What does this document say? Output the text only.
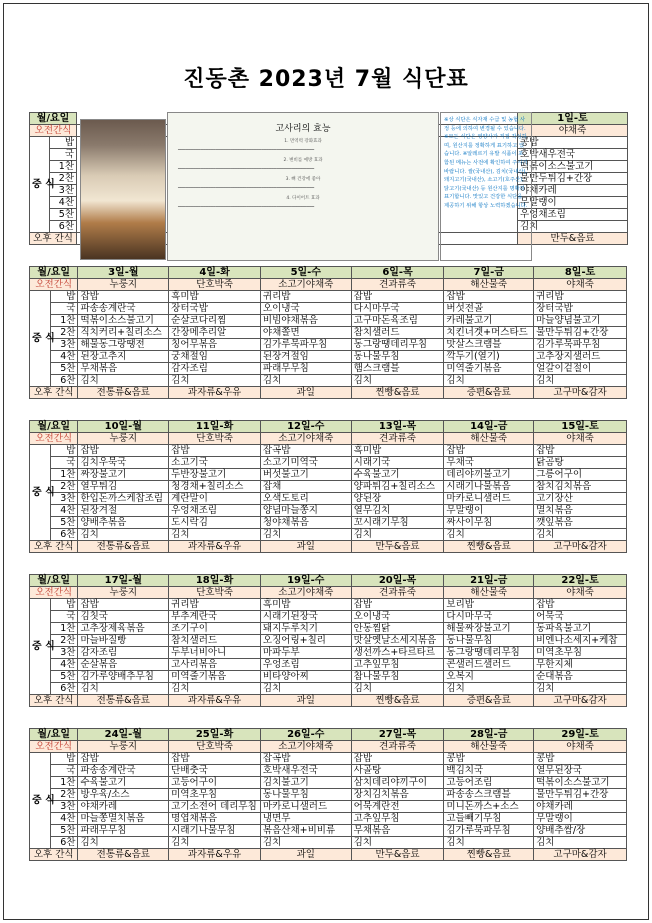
진동촌 2023년 7월 식단표
월/요일			1일-토
오전간식			야채죽
중 식	밥		콩밥
	국		호박새우전국
	1찬		떡볶이소스불고기
	2찬		물만두튀김+간장
	3찬		야채카레
	4찬		무말랭이
	5찬		우엉채조림
	6찬		김치
오후 간식			만두&음료
고사리의 효능
1. 면역력 강화효과
━━━━━━━━━━━━━━━━━━━━━━━━━━━━━━━━━━━━━━━━━━━━━━━━━━━━━━
2. 변비를 예방 효과
━━━━━━━━━━━━━━━━━━━━━━━━━━━━━━━━━━━━━━━━━━━━━━━━━━━━━━
3. 뼈 건강에 좋아
━━━━━━━━━━━━━━━━━━━━━━━━━━━━━━━━━━━━━━━━━━━━━━━━━━━━━━
4. 다이어트 효과
━━━━━━━━━━━━━━━━━━━━━━━━━━━━━━━━━━━━━━━━━━━━━━━━━━━━━━

※상 식단은 식자재 수급 및 농협 사정 등에 의하여 변경될 수 있습니다. ※모든 식단은 영양사가 직접 작성하며, 원산지를 정확하게 표기하고 있습니다. ※알레르기 유발 식품이 포함된 메뉴는 사전에 확인하여 주시기 바랍니다. 쌀(국내산), 김치(국내산), 돼지고기(국내산), 소고기(호주산), 닭고기(국내산) 등 원산지를 명확히 표기합니다. 맛있고 건강한 식단을 제공하기 위해 항상 노력하겠습니다.

월/요일		3일-월	4일-화	5일-수	6일-목	7일-금	8일-토
오전간식		누룽지	단호박죽	소고기야채죽	견과류죽	해산물죽	야채죽
중 식	밥	잡밥	흑미밥	귀리밥	잡밥	잡밥	귀리밥
	국	파송송계란국	장터국밥	오이냉국	다시마무국	버섯전골	장터국밥
	1찬	떡볶이소스불고기	순살코다리찜	비빔야채볶음	고구마돈육조림	카레불고기	마늘양념불고기
	2찬	직치커리+칠리소스	간장메추리알	야채쫄면	참치샐러드	치킨너겟+머스타드	물만두튀김+간장
	3찬	해물동그랑땡전	칭어무볶음	김가루묵파무침	동그랑땡데리무침	맛살스크램블	김가루묵파무침
	4찬	된장고추지	궁채절임	된장겨절임	동나물무침	깍두기(열기)	고추장지샐러드
	5찬	무채볶음	감자조림	파래무무침	햄스크램블	미역줄기볶음	얼갈이겉절이
	6찬	김치	김치	김치	김치	김치	김치
오후 간식		전통류&음료	과자류&우유	과일	찐빵&음료	증편&음료	고구마&감자
월/요일		10일-월	11일-화	12일-수	13일-목	14일-금	15일-토
오전간식		누룽지	단호박죽	소고기야채죽	견과류죽	해산물죽	야채죽
중 식	밥	잡밥	잡밥	잡곡밥	흑미밥	잡밥	잡밥
	국	김치우묵국	소고기국	소고기미역국	시래기국	무채국	닭곰탕
	1찬	짜장불고기	두반장불고기	버섯불고기	수육불고기	데리야끼불고기	그릉어구이
	2찬	열무튀김	청경채+칠리소스	잡채	양파튀김+칠리소스	시래기나물볶음	참치김치볶음
	3찬	한입돈까스케찹조림	계란말이	오색도토리	양된장	마카로니샐러드	고기장산
	4찬	된장겨절	우엉채조림	양념마늘쫑지	열무김치	무말랭이	멸치볶음
	5찬	양배추볶음	도시락김	청야채볶음	꼬시래기무침	짜사이무침	깻잎볶음
	6찬	김치	김치	김치	김치	김치	김치
오후 간식		전통류&음료	과자류&우유	과일	만두&음료	찐빵&음료	고구마&감자
월/요일		17일-월	18일-화	19일-수	20일-목	21일-금	22일-토
오전간식		누룽지	단호박죽	소고기야채죽	견과류죽	해산물죽	야채죽
중 식	밥	잡밥	귀리밥	흑미밥	잡밥	보리밥	잡밥
	국	김칫국	부추계란국	시래기된장국	오이냉국	다시마무국	어묵국
	1찬	고추장제육볶음	조기구이	돼지두루치기	안동찜닭	해물짜장불고기	동파육불고기
	2찬	마늘바질빵	참치샐러드	오징어링+칠리	맛살옛날소세지볶음	동나물무침	비엔나소세지+케찹
	3찬	감자조림	두부너비아니	마파두부	생선까스+타르타르	동그랑땡데리무침	미역초무침
	4찬	순살볶음	고사리볶음	우엉조림	고추잎무침	콘샐러드샐러드	무한지체
	5찬	김가루양배추무침	미역줄기볶음	비타양아찌	참나물무침	오복지	순대볶음
	6찬	김치	김치	김치	김치	김치	김치
오후 간식		전통류&음료	과자류&우유	과일	찐빵&음료	증편&음료	고구마&감자
월/요일		24일-월	25일-화	26일-수	27일-목	28일-금	29일-토
오전간식		누룽지	단호박죽	소고기야채죽	견과류죽	해산물죽	야채죽
중 식	밥	잡밥	잡밥	잡곡밥	잡밥	콩밥	콩밥
	국	파송송계란국	단배춧국	호박새우전국	사골탕	백김치국	열무된장국
	1찬	수육불고기	고등어구이	김치불고기	삼치데리야끼구이	고등어조림	떡볶이소스불고기
	2찬	방우육/소스	미역초무침	동나물무침	장치김치볶음	파송송스크램블	물만두튀김+간장
	3찬	야채카레	고기소전어 데리무침	마카로니샐러드	어묵계란전	미니돈까스+소스	야채카레
	4찬	마늘쫑멸치볶음	명엽채볶음	냉면무	고추잎무침	고들빼기무침	무말랭이
	5찬	파래무무침	시래기나물무침	볶음산채+비비류	무채볶음	김가루묵파무침	양배추쌈/장
	6찬	김치	김치	김치	김치	김치	김치
오후 간식		전통류&음료	과자류&우유	과일	만두&음료	찐빵&음료	고구마&감자
